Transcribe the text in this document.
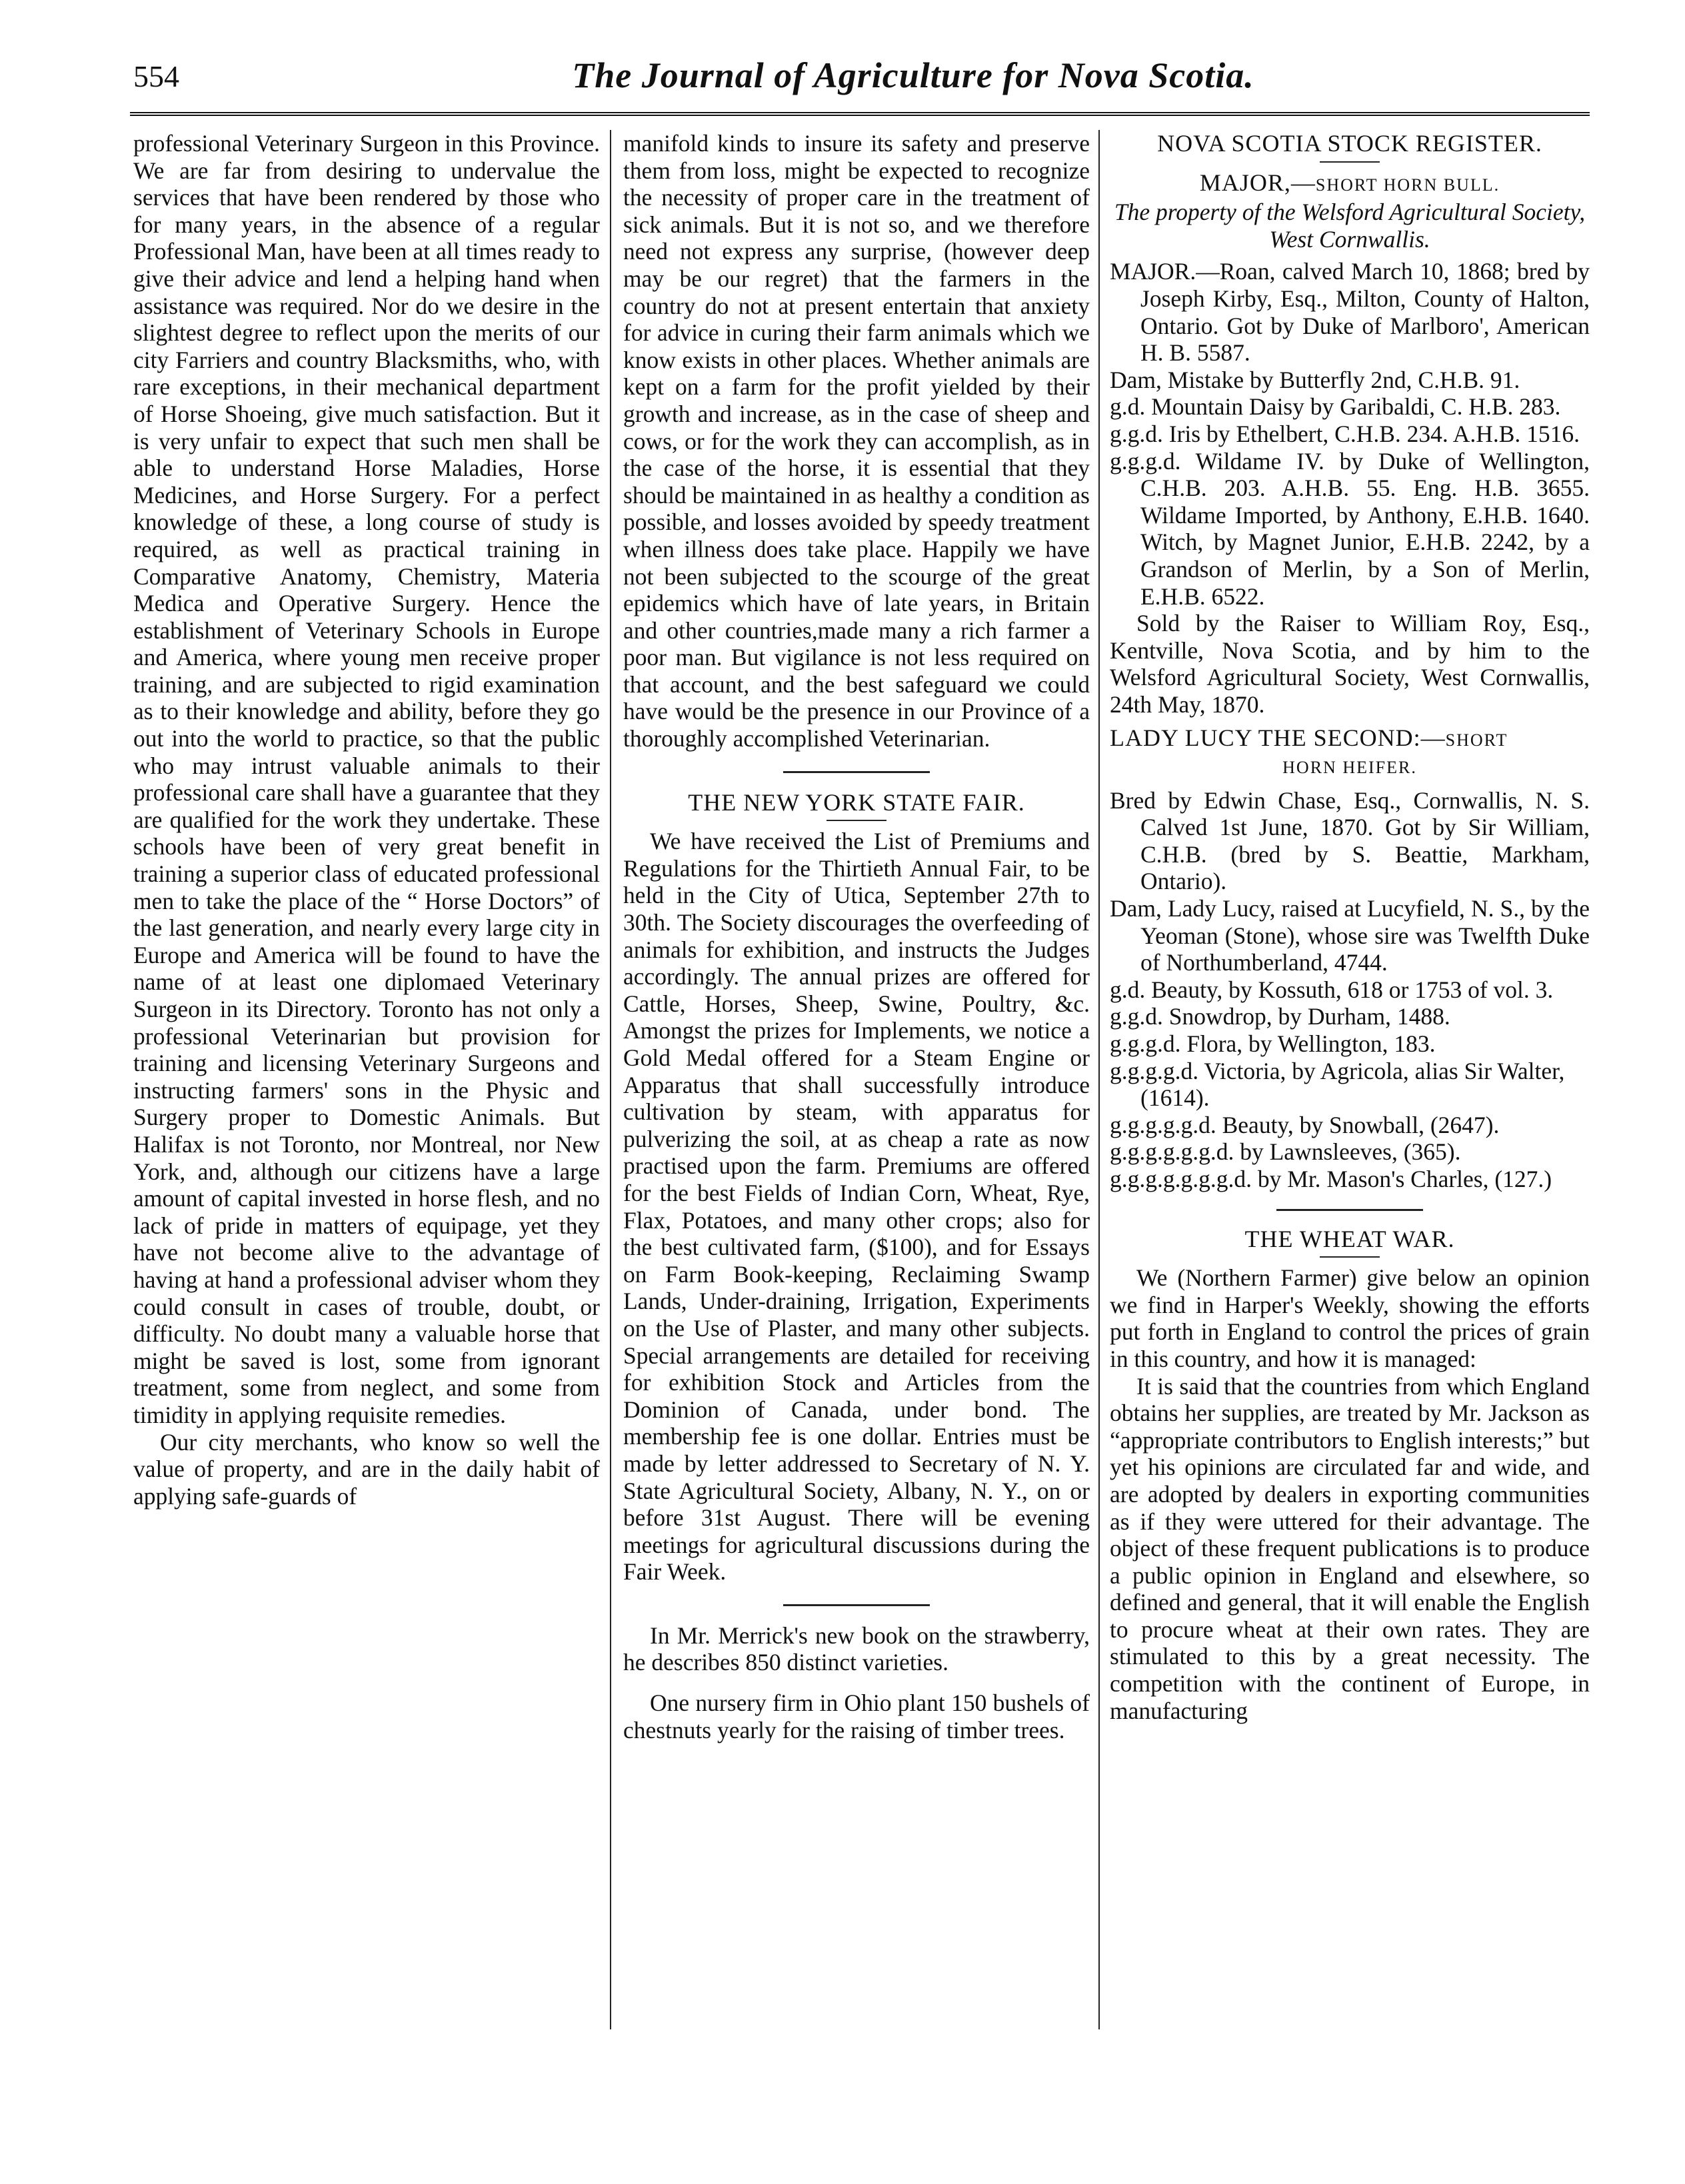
554	The Journal of Agriculture for Nova Scotia.

professional Veterinary Surgeon in this Province. We are far from desiring to undervalue the services that have been rendered by those who for many years, in the absence of a regular Professional Man, have been at all times ready to give their advice and lend a helping hand when assistance was required. Nor do we desire in the slightest degree to reflect upon the merits of our city Farriers and country Blacksmiths, who, with rare exceptions, in their mechanical department of Horse Shoeing, give much satisfaction. But it is very unfair to expect that such men shall be able to understand Horse Maladies, Horse Medicines, and Horse Surgery. For a perfect knowledge of these, a long course of study is required, as well as practical training in Comparative Anatomy, Chemistry, Materia Medica and Operative Surgery. Hence the establishment of Veterinary Schools in Europe and America, where young men receive proper training, and are subjected to rigid examination as to their knowledge and ability, before they go out into the world to practice, so that the public who may intrust valuable animals to their professional care shall have a guarantee that they are qualified for the work they undertake. These schools have been of very great benefit in training a superior class of educated professional men to take the place of the “ Horse Doctors” of the last generation, and nearly every large city in Europe and America will be found to have the name of at least one diplomaed Veterinary Surgeon in its Directory. Toronto has not only a professional Veterinarian but provision for training and licensing Veterinary Surgeons and instructing farmers' sons in the Physic and Surgery proper to Domestic Animals. But Halifax is not Toronto, nor Montreal, nor New York, and, although our citizens have a large amount of capital invested in horse flesh, and no lack of pride in matters of equipage, yet they have not become alive to the advantage of having at hand a professional adviser whom they could consult in cases of trouble, doubt, or difficulty. No doubt many a valuable horse that might be saved is lost, some from ignorant treatment, some from neglect, and some from timidity in applying requisite remedies.

Our city merchants, who know so well the value of property, and are in the daily habit of applying safe-guards of

manifold kinds to insure its safety and preserve them from loss, might be expected to recognize the necessity of proper care in the treatment of sick animals. But it is not so, and we therefore need not express any surprise, (however deep may be our regret) that the farmers in the country do not at present entertain that anxiety for advice in curing their farm animals which we know exists in other places. Whether animals are kept on a farm for the profit yielded by their growth and increase, as in the case of sheep and cows, or for the work they can accomplish, as in the case of the horse, it is essential that they should be maintained in as healthy a condition as possible, and losses avoided by speedy treatment when illness does take place. Happily we have not been subjected to the scourge of the great epidemics which have of late years, in Britain and other countries,made many a rich farmer a poor man. But vigilance is not less required on that account, and the best safeguard we could have would be the presence in our Province of a thoroughly accomplished Veterinarian.

THE NEW YORK STATE FAIR.

We have received the List of Premiums and Regulations for the Thirtieth Annual Fair, to be held in the City of Utica, September 27th to 30th. The Society discourages the overfeeding of animals for exhibition, and instructs the Judges accordingly. The annual prizes are offered for Cattle, Horses, Sheep, Swine, Poultry, &c. Amongst the prizes for Implements, we notice a Gold Medal offered for a Steam Engine or Apparatus that shall successfully introduce cultivation by steam, with apparatus for pulverizing the soil, at as cheap a rate as now practised upon the farm. Premiums are offered for the best Fields of Indian Corn, Wheat, Rye, Flax, Potatoes, and many other crops; also for the best cultivated farm, ($100), and for Essays on Farm Book-keeping, Reclaiming Swamp Lands, Under-draining, Irrigation, Experiments on the Use of Plaster, and many other subjects. Special arrangements are detailed for receiving for exhibition Stock and Articles from the Dominion of Canada, under bond. The membership fee is one dollar. Entries must be made by letter addressed to Secretary of N. Y. State Agricultural Society, Albany, N. Y., on or before 31st August. There will be evening meetings for agricultural discussions during the Fair Week.

In Mr. Merrick's new book on the strawberry, he describes 850 distinct varieties.

One nursery firm in Ohio plant 150 bushels of chestnuts yearly for the raising of timber trees.

NOVA SCOTIA STOCK REGISTER.
MAJOR,—SHORT HORN BULL.
The property of the Welsford Agricultural Society, West Cornwallis.

MAJOR.—Roan, calved March 10, 1868; bred by Joseph Kirby, Esq., Milton, County of Halton, Ontario. Got by Duke of Marlboro', American H. B. 5587.

Dam, Mistake by Butterfly 2nd, C.H.B. 91.

g.d. Mountain Daisy by Garibaldi, C. H.B. 283.

g.g.d. Iris by Ethelbert, C.H.B. 234. A.H.B. 1516.

g.g.g.d. Wildame IV. by Duke of Wellington, C.H.B. 203. A.H.B. 55. Eng. H.B. 3655. Wildame Imported, by Anthony, E.H.B. 1640. Witch, by Magnet Junior, E.H.B. 2242, by a Grandson of Merlin, by a Son of Merlin, E.H.B. 6522.

Sold by the Raiser to William Roy, Esq., Kentville, Nova Scotia, and by him to the Welsford Agricultural Society, West Cornwallis, 24th May, 1870.

LADY LUCY THE SECOND:—SHORT
HORN HEIFER.

Bred by Edwin Chase, Esq., Cornwallis, N. S. Calved 1st June, 1870. Got by Sir William, C.H.B. (bred by S. Beattie, Markham, Ontario).

Dam, Lady Lucy, raised at Lucyfield, N. S., by the Yeoman (Stone), whose sire was Twelfth Duke of Northumberland, 4744.

g.d. Beauty, by Kossuth, 618 or 1753 of vol. 3.

g.g.d. Snowdrop, by Durham, 1488.

g.g.g.d. Flora, by Wellington, 183.

g.g.g.g.d. Victoria, by Agricola, alias Sir Walter, (1614).

g.g.g.g.g.d. Beauty, by Snowball, (2647).

g.g.g.g.g.g.d. by Lawnsleeves, (365).

g.g.g.g.g.g.g.d. by Mr. Mason's Charles, (127.)

THE WHEAT WAR.

We (Northern Farmer) give below an opinion we find in Harper's Weekly, showing the efforts put forth in England to control the prices of grain in this country, and how it is managed:

It is said that the countries from which England obtains her supplies, are treated by Mr. Jackson as “appropriate contributors to English interests;” but yet his opinions are circulated far and wide, and are adopted by dealers in exporting communities as if they were uttered for their advantage. The object of these frequent publications is to produce a public opinion in England and elsewhere, so defined and general, that it will enable the English to procure wheat at their own rates. They are stimulated to this by a great necessity. The competition with the continent of Europe, in manufacturing
